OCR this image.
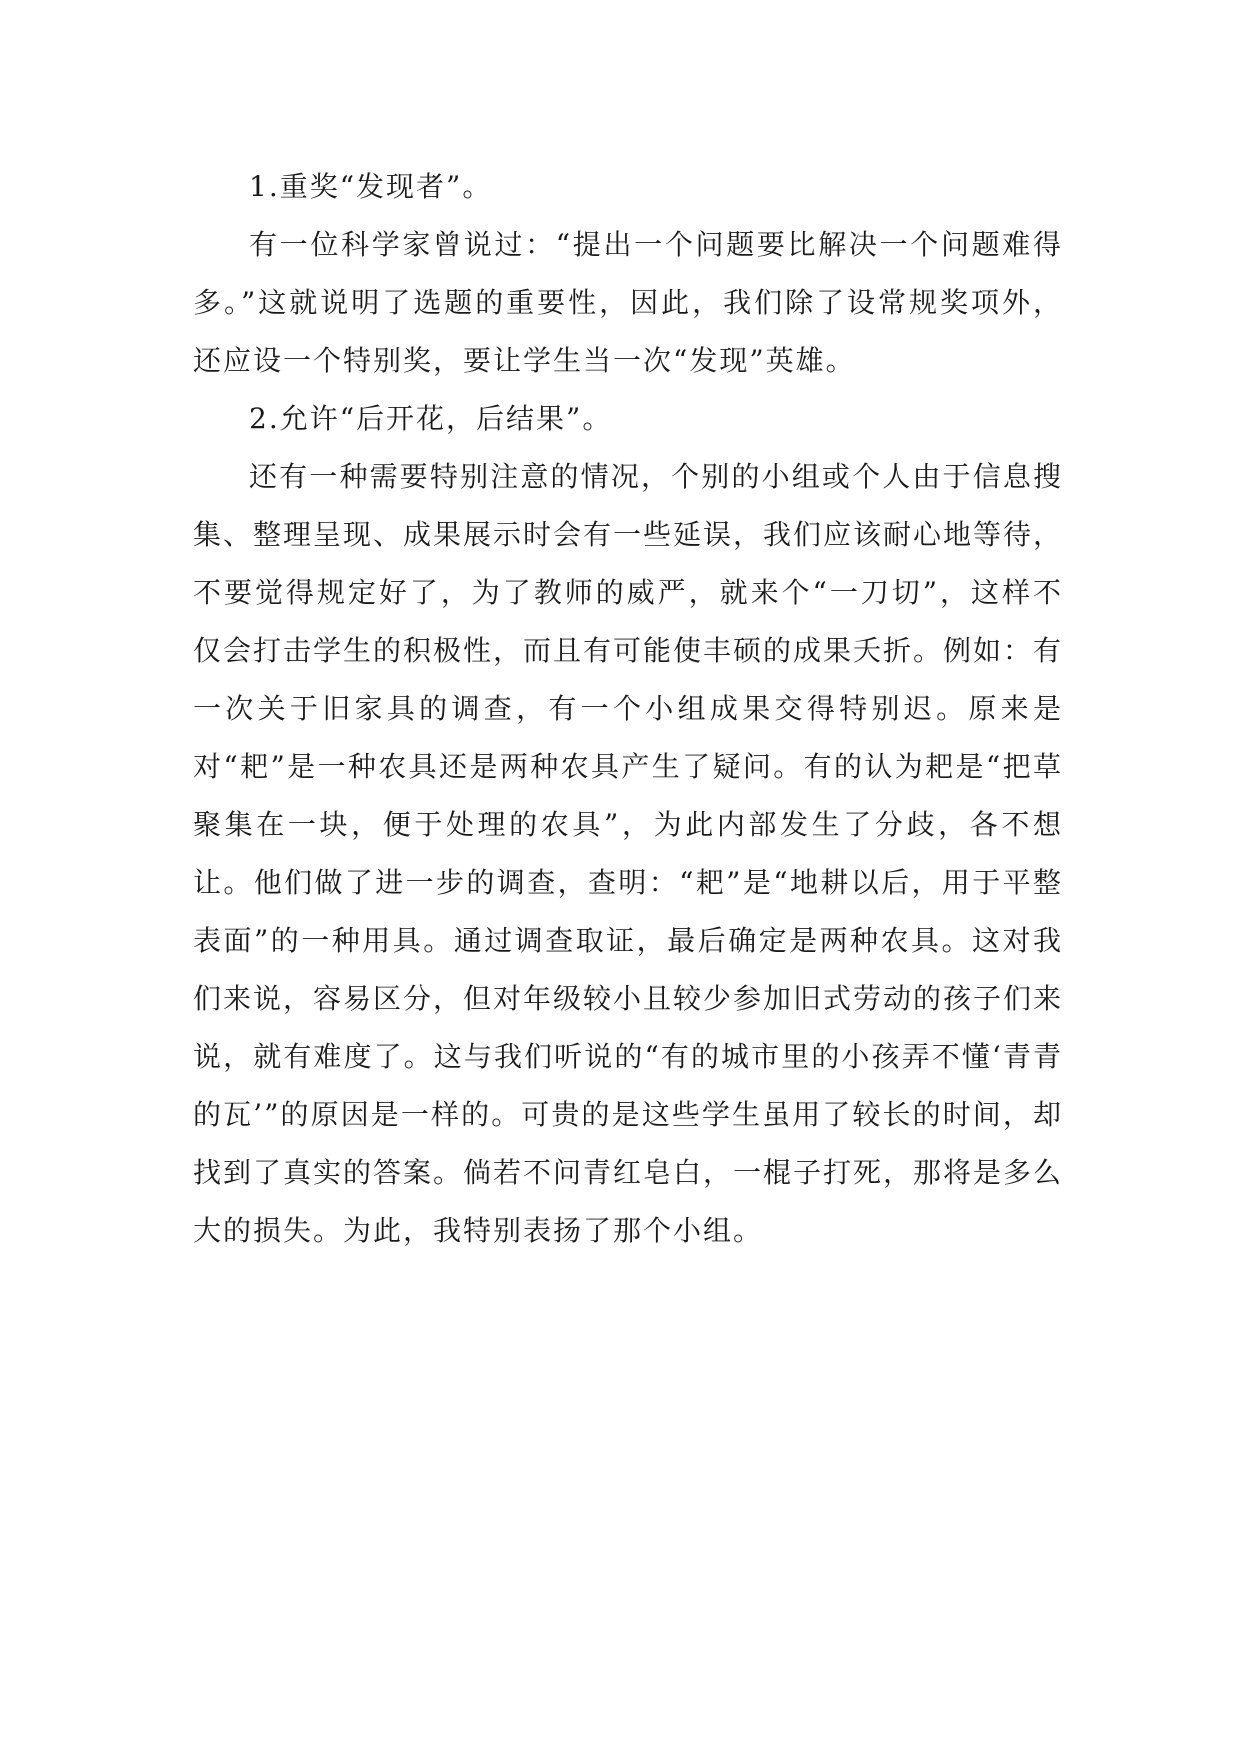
1.重奖“发现者”。

有一位科学家曾说过：“提出一个问题要比解决一个问题难得多。”这就说明了选题的重要性，因此，我们除了设常规奖项外，还应设一个特别奖，要让学生当一次“发现”英雄。

2.允许“后开花，后结果”。

还有一种需要特别注意的情况，个别的小组或个人由于信息搜集、整理呈现、成果展示时会有一些延误，我们应该耐心地等待，不要觉得规定好了，为了教师的威严，就来个“一刀切”，这样不仅会打击学生的积极性，而且有可能使丰硕的成果夭折。例如：有一次关于旧家具的调查，有一个小组成果交得特别迟。原来是对“耙”是一种农具还是两种农具产生了疑问。有的认为耙是“把草聚集在一块，便于处理的农具”，为此内部发生了分歧，各不想让。他们做了进一步的调查，查明：“耙”是“地耕以后，用于平整表面”的一种用具。通过调查取证，最后确定是两种农具。这对我们来说，容易区分，但对年级较小且较少参加旧式劳动的孩子们来说，就有难度了。这与我们听说的“有的城市里的小孩弄不懂‘青青的瓦’”的原因是一样的。可贵的是这些学生虽用了较长的时间，却找到了真实的答案。倘若不问青红皂白，一棍子打死，那将是多么大的损失。为此，我特别表扬了那个小组。
